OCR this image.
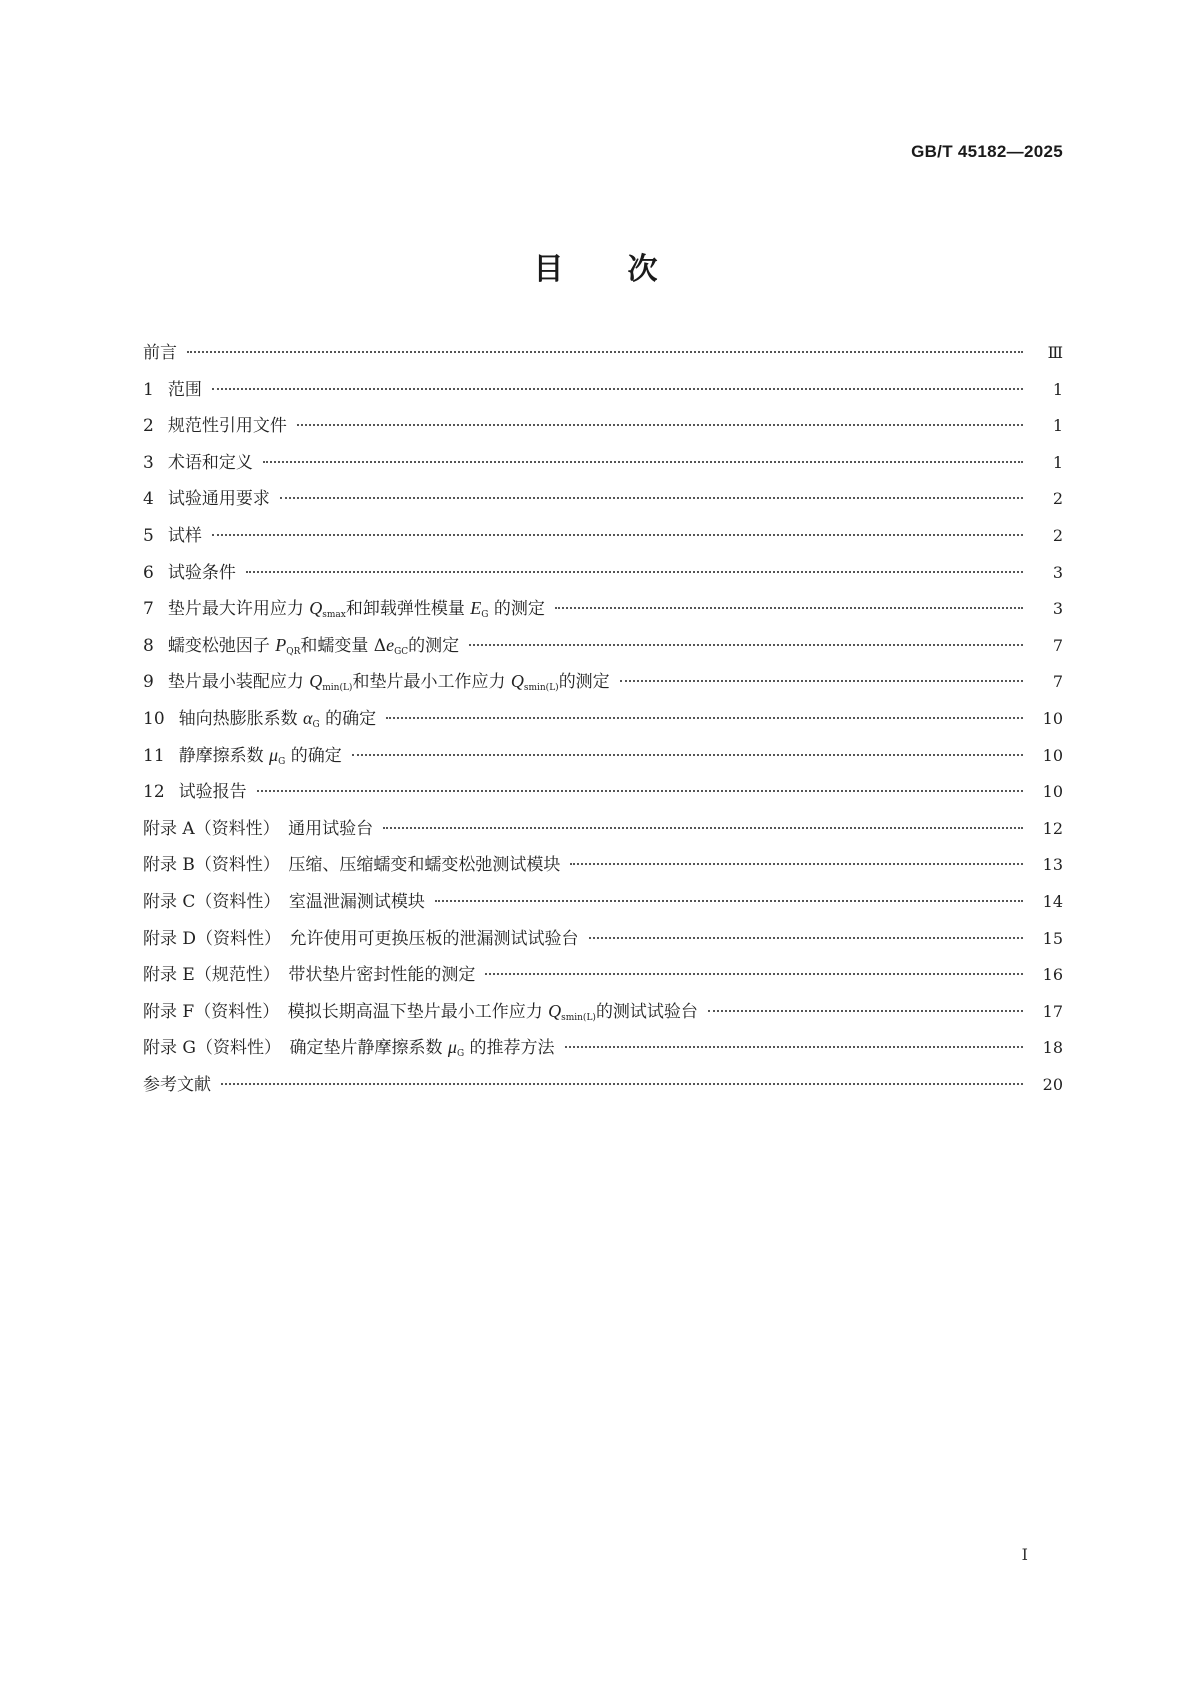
GB/T 45182—2025
目次
前言	Ⅲ
1 范围	1
2 规范性引用文件	1
3 术语和定义	1
4 试验通用要求	2
5 试样	2
6 试验条件	3
7 垫片最大许用应力 $Q_{smax}$和卸载弹性模量 $E_G$ 的测定	3
8 蠕变松弛因子 $P_{QR}$和蠕变量 $\Delta e_{GC}$的测定	7
9 垫片最小装配应力 $Q_{min(L)}$和垫片最小工作应力 $Q_{smin(L)}$的测定	7
10 轴向热膨胀系数 $\alpha_G$ 的确定	10
11 静摩擦系数 $\mu_G$ 的确定	10
12 试验报告	10
附录 A（资料性）　通用试验台	12
附录 B（资料性）　压缩、压缩蠕变和蠕变松弛测试模块	13
附录 C（资料性）　室温泄漏测试模块	14
附录 D（资料性）　允许使用可更换压板的泄漏测试试验台	15
附录 E（规范性）　带状垫片密封性能的测定	16
附录 F（资料性）　模拟长期高温下垫片最小工作应力 $Q_{smin(L)}$的测试试验台	17
附录 G（资料性）　确定垫片静摩擦系数 $\mu_G$ 的推荐方法	18
参考文献	20
Ⅰ
